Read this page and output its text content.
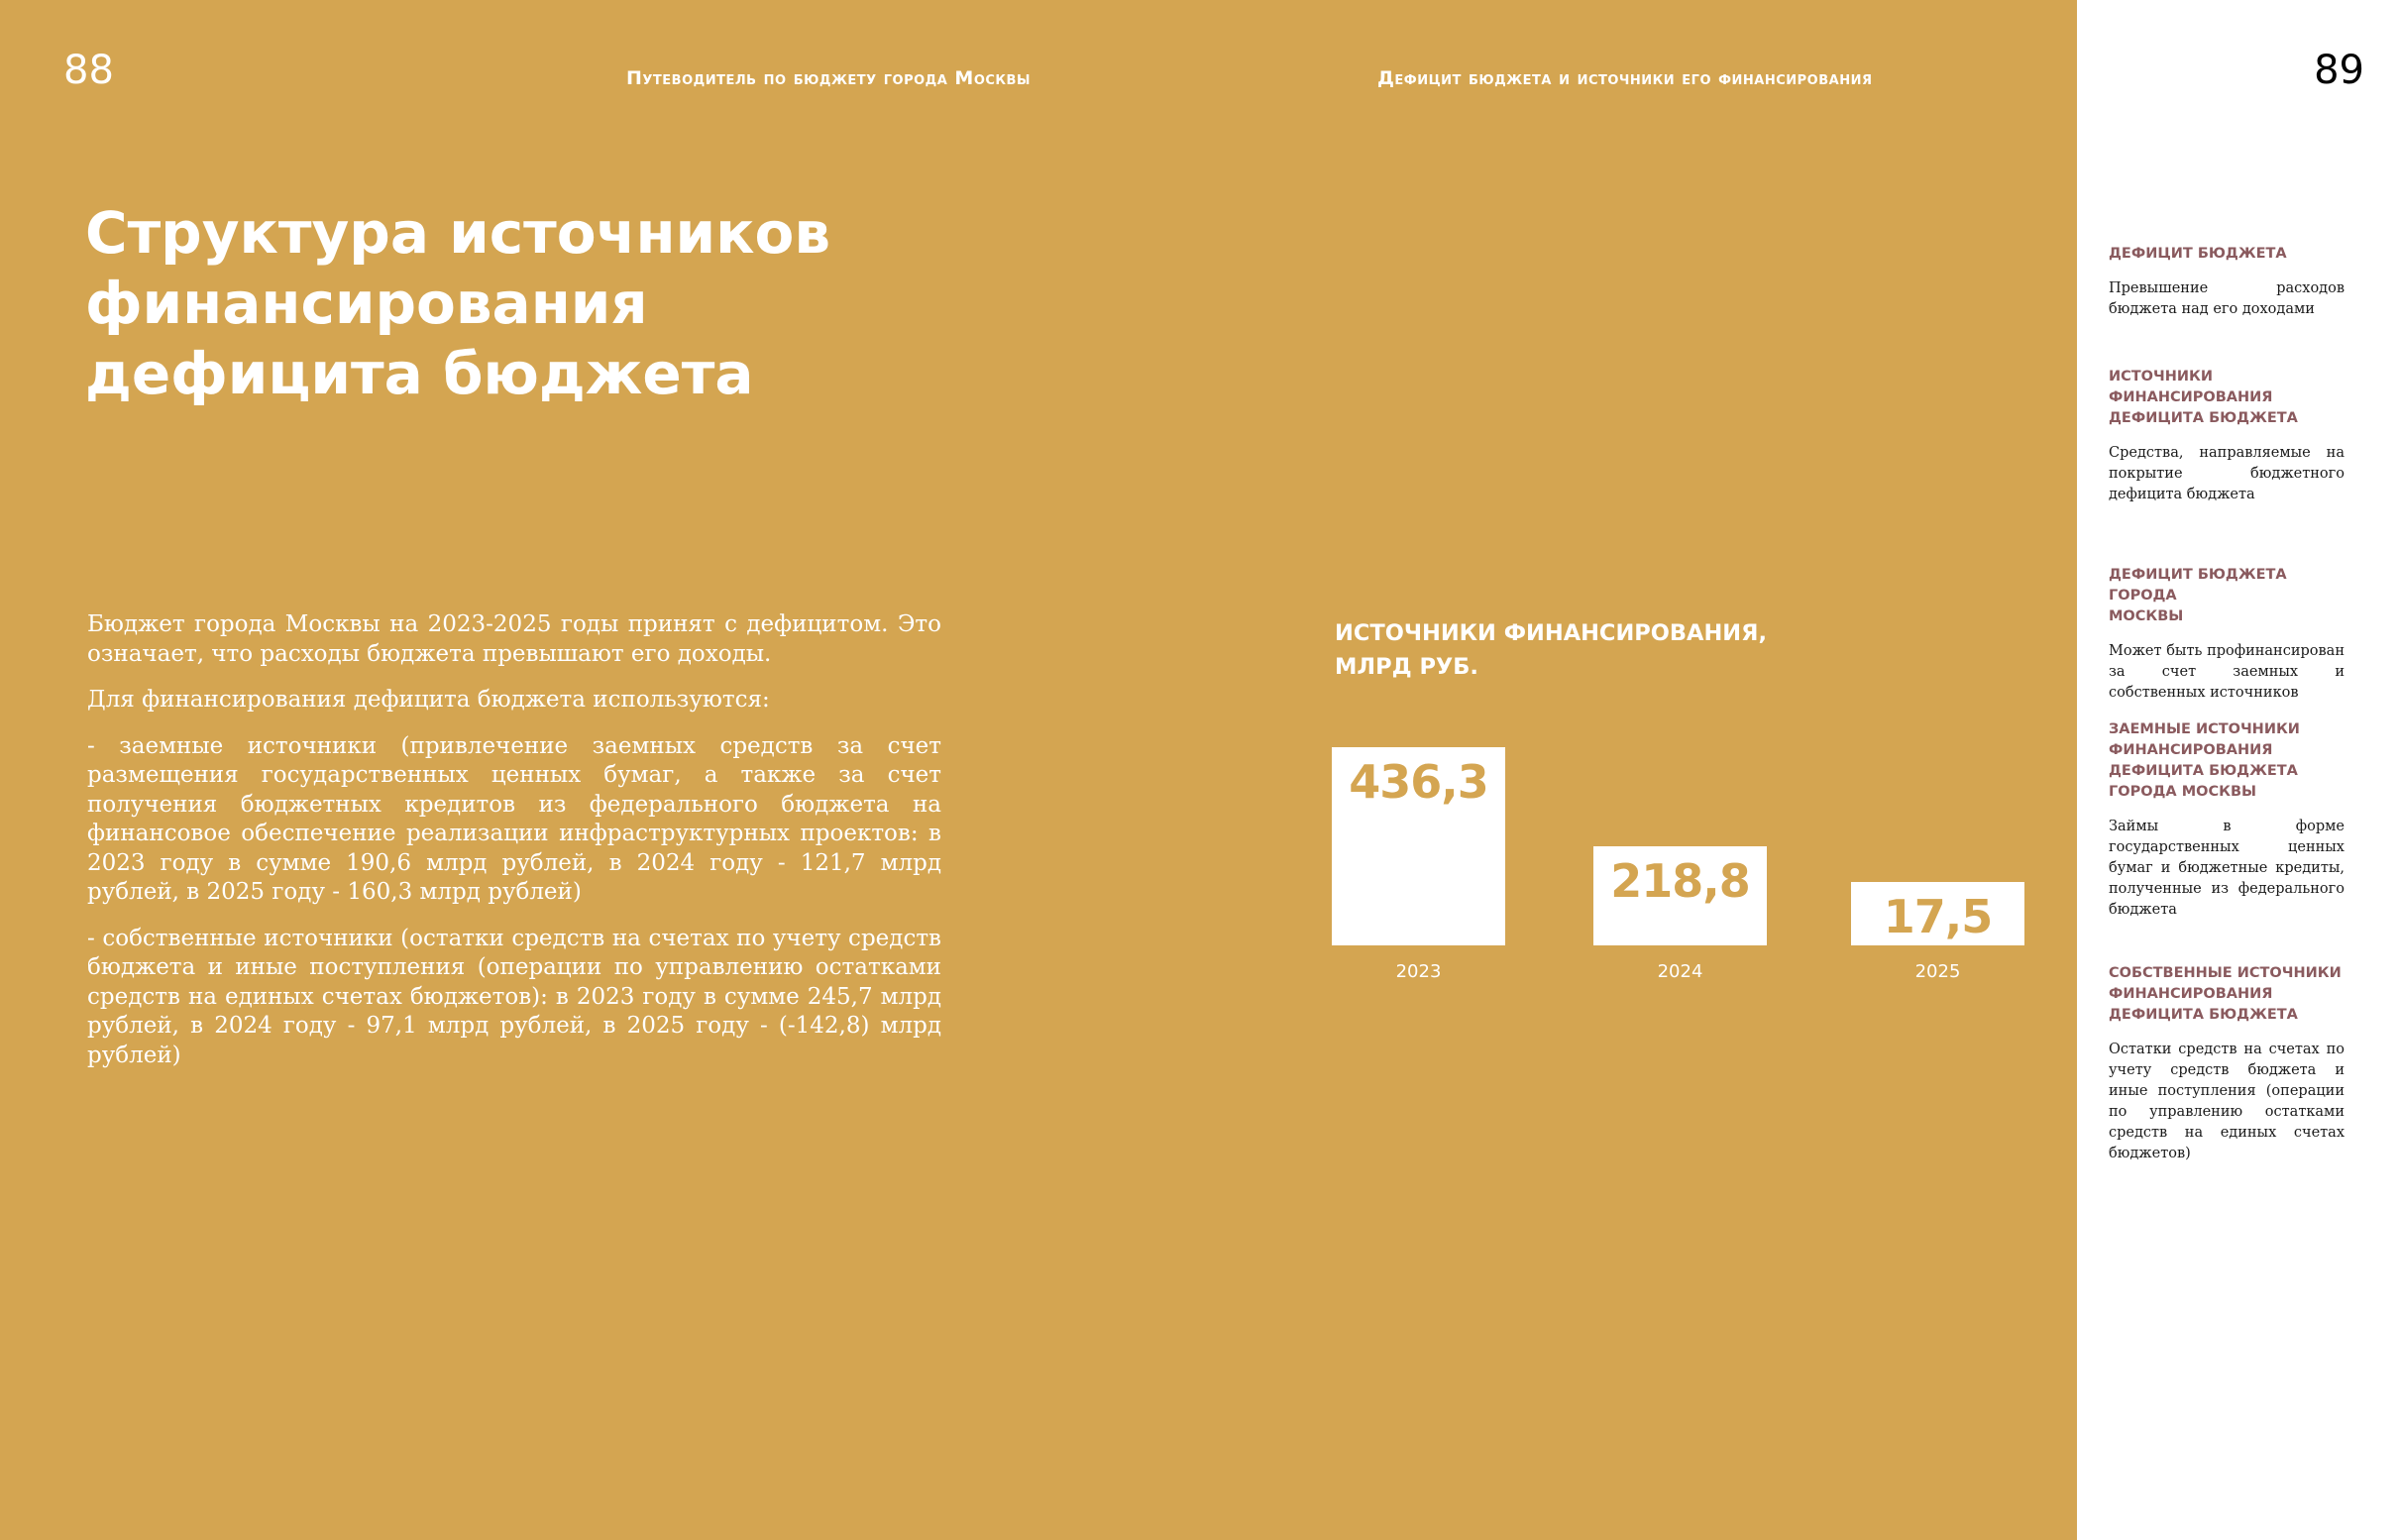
88	89
Путеводитель по бюджету города Москвы	Дефицит бюджета и источники его финансирования
Структура источников
финансирования
дефицита бюджета

Бюджет города Москвы на 2023-2025 годы принят с дефицитом. Это означает, что расходы бюджета превышают его доходы.

Для финансирования дефицита бюджета используются:

- заемные источники (привлечение заемных средств за счет размещения государственных ценных бумаг, а также за счет получения бюджетных кредитов из федерального бюджета на финансовое обеспечение реализации инфраструктурных проектов: в 2023 году в сумме 190,6 млрд рублей, в 2024 году - 121,7 млрд рублей, в 2025 году - 160,3 млрд рублей)

- собственные источники (остатки средств на счетах по учету средств бюджета и иные поступления (операции по управлению остатками средств на единых счетах бюджетов): в 2023 году в сумме 245,7 млрд рублей, в 2024 году - 97,1 млрд рублей, в 2025 году - (-142,8) млрд рублей)

ИСТОЧНИКИ ФИНАНСИРОВАНИЯ,
МЛРД РУБ.
436,3
218,8
17,5
2023	2024	2025
ДЕФИЦИТ БЮДЖЕТА
Превышение расходов бюджета над его доходами
ИСТОЧНИКИ
ФИНАНСИРОВАНИЯ
ДЕФИЦИТА БЮДЖЕТА
Средства, направляемые на покрытие бюджетного дефицита бюджета
ДЕФИЦИТ БЮДЖЕТА ГОРОДА
МОСКВЫ
Может быть профинансирован за счет заемных и собственных источников
ЗАЕМНЫЕ ИСТОЧНИКИ
ФИНАНСИРОВАНИЯ
ДЕФИЦИТА БЮДЖЕТА
ГОРОДА МОСКВЫ
Займы в форме государственных ценных бумаг и бюджетные кредиты, полученные из федерального бюджета
СОБСТВЕННЫЕ ИСТОЧНИКИ
ФИНАНСИРОВАНИЯ
ДЕФИЦИТА БЮДЖЕТА
Остатки средств на счетах по учету средств бюджета и иные поступления (операции по управлению остатками средств на единых счетах бюджетов)
